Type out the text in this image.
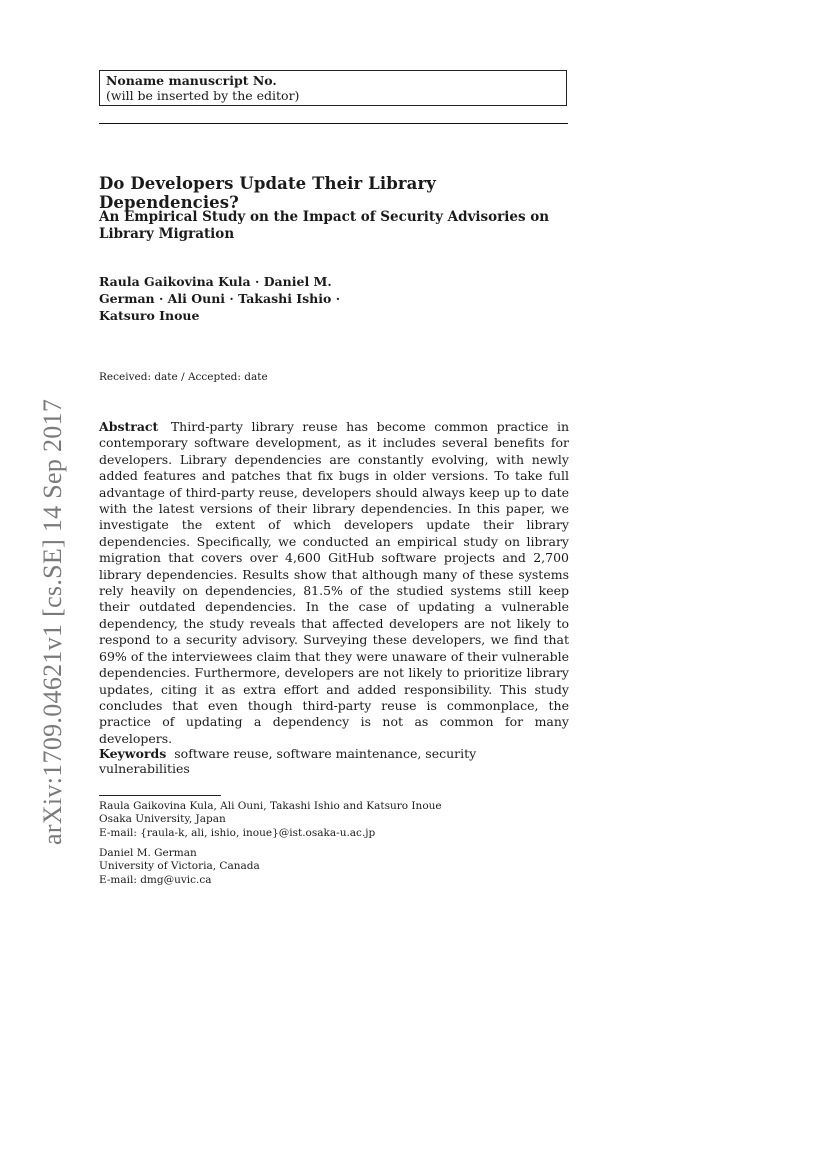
Noname manuscript No.
(will be inserted by the editor)
Do Developers Update Their Library Dependencies?
An Empirical Study on the Impact of Security Advisories on Library Migration
Raula Gaikovina Kula · Daniel M. German · Ali Ouni · Takashi Ishio · Katsuro Inoue
Received: date / Accepted: date
Abstract Third-party library reuse has become common practice in contemporary software development, as it includes several benefits for developers. Library dependencies are constantly evolving, with newly added features and patches that fix bugs in older versions. To take full advantage of third-party reuse, developers should always keep up to date with the latest versions of their library dependencies. In this paper, we investigate the extent of which developers update their library dependencies. Specifically, we conducted an empirical study on library migration that covers over 4,600 GitHub software projects and 2,700 library dependencies. Results show that although many of these systems rely heavily on dependencies, 81.5% of the studied systems still keep their outdated dependencies. In the case of updating a vulnerable dependency, the study reveals that affected developers are not likely to respond to a security advisory. Surveying these developers, we find that 69% of the interviewees claim that they were unaware of their vulnerable dependencies. Furthermore, developers are not likely to prioritize library updates, citing it as extra effort and added responsibility. This study concludes that even though third-party reuse is commonplace, the practice of updating a dependency is not as common for many developers.
Keywords software reuse, software maintenance, security vulnerabilities
Raula Gaikovina Kula, Ali Ouni, Takashi Ishio and Katsuro Inoue
Osaka University, Japan
E-mail: {raula-k, ali, ishio, inoue}@ist.osaka-u.ac.jp
Daniel M. German
University of Victoria, Canada
E-mail: dmg@uvic.ca
arXiv:1709.04621v1 [cs.SE] 14 Sep 2017
